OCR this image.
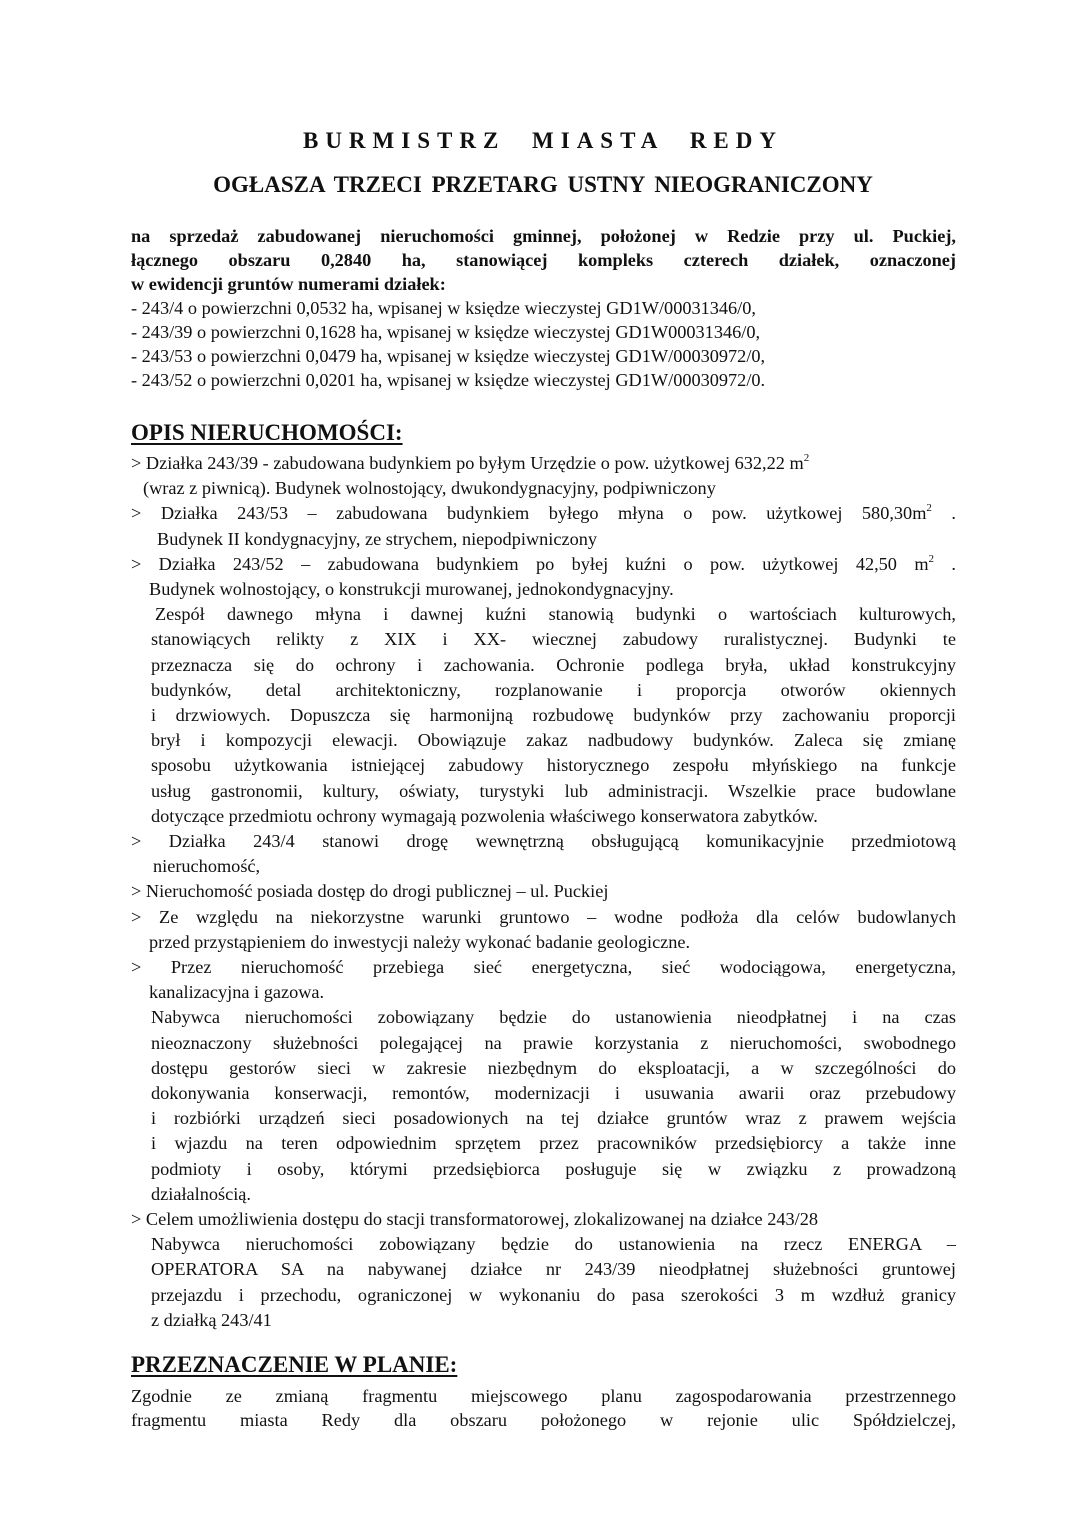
BURMISTRZ MIASTA REDY
OGŁASZA TRZECI PRZETARG USTNY NIEOGRANICZONY
na sprzedaż zabudowanej nieruchomości gminnej, położonej w Redzie przy ul. Puckiej,
łącznego obszaru 0,2840 ha, stanowiącej kompleks czterech działek, oznaczonej
w ewidencji gruntów numerami działek:
- 243/4 o powierzchni 0,0532 ha, wpisanej w księdze wieczystej GD1W/00031346/0,
- 243/39 o powierzchni 0,1628 ha, wpisanej w księdze wieczystej GD1W00031346/0,
- 243/53 o powierzchni 0,0479 ha, wpisanej w księdze wieczystej GD1W/00030972/0,
- 243/52 o powierzchni 0,0201 ha, wpisanej w księdze wieczystej GD1W/00030972/0.
OPIS NIERUCHOMOŚCI:
> Działka 243/39 - zabudowana budynkiem po byłym Urzędzie o pow. użytkowej 632,22 $m^2$
(wraz z piwnicą). Budynek wolnostojący, dwukondygnacyjny, podpiwniczony
> Działka 243/53 – zabudowana budynkiem byłego młyna o pow. użytkowej $580,30m^2$ .
Budynek II kondygnacyjny, ze strychem, niepodpiwniczony
> Działka 243/52 – zabudowana budynkiem po byłej kuźni o pow. użytkowej 42,50 $m^2$ .
Budynek wolnostojący, o konstrukcji murowanej, jednokondygnacyjny.
Zespół dawnego młyna i dawnej kuźni stanowią budynki o wartościach kulturowych,
stanowiących relikty z XIX i XX- wiecznej zabudowy ruralistycznej. Budynki te
przeznacza się do ochrony i zachowania. Ochronie podlega bryła, układ konstrukcyjny
budynków, detal architektoniczny, rozplanowanie i proporcja otworów okiennych
i drzwiowych. Dopuszcza się harmonijną rozbudowę budynków przy zachowaniu proporcji
brył i kompozycji elewacji. Obowiązuje zakaz nadbudowy budynków. Zaleca się zmianę
sposobu użytkowania istniejącej zabudowy historycznego zespołu młyńskiego na funkcje
usług gastronomii, kultury, oświaty, turystyki lub administracji. Wszelkie prace budowlane
dotyczące przedmiotu ochrony wymagają pozwolenia właściwego konserwatora zabytków.
> Działka 243/4 stanowi drogę wewnętrzną obsługującą komunikacyjnie przedmiotową
nieruchomość,
> Nieruchomość posiada dostęp do drogi publicznej – ul. Puckiej
> Ze względu na niekorzystne warunki gruntowo – wodne podłoża dla celów budowlanych
przed przystąpieniem do inwestycji należy wykonać badanie geologiczne.
> Przez nieruchomość przebiega sieć energetyczna, sieć wodociągowa, energetyczna,
kanalizacyjna i gazowa.
Nabywca nieruchomości zobowiązany będzie do ustanowienia nieodpłatnej i na czas
nieoznaczony służebności polegającej na prawie korzystania z nieruchomości, swobodnego
dostępu gestorów sieci w zakresie niezbędnym do eksploatacji, a w szczególności do
dokonywania konserwacji, remontów, modernizacji i usuwania awarii oraz przebudowy
i rozbiórki urządzeń sieci posadowionych na tej działce gruntów wraz z prawem wejścia
i wjazdu na teren odpowiednim sprzętem przez pracowników przedsiębiorcy a także inne
podmioty i osoby, którymi przedsiębiorca posługuje się w związku z prowadzoną
działalnością.
> Celem umożliwienia dostępu do stacji transformatorowej, zlokalizowanej na działce 243/28
Nabywca nieruchomości zobowiązany będzie do ustanowienia na rzecz ENERGA –
OPERATORA SA na nabywanej działce nr 243/39 nieodpłatnej służebności gruntowej
przejazdu i przechodu, ograniczonej w wykonaniu do pasa szerokości 3 m wzdłuż granicy
z działką 243/41
PRZEZNACZENIE W PLANIE:
Zgodnie ze zmianą fragmentu miejscowego planu zagospodarowania przestrzennego
fragmentu miasta Redy dla obszaru położonego w rejonie ulic Spółdzielczej,
